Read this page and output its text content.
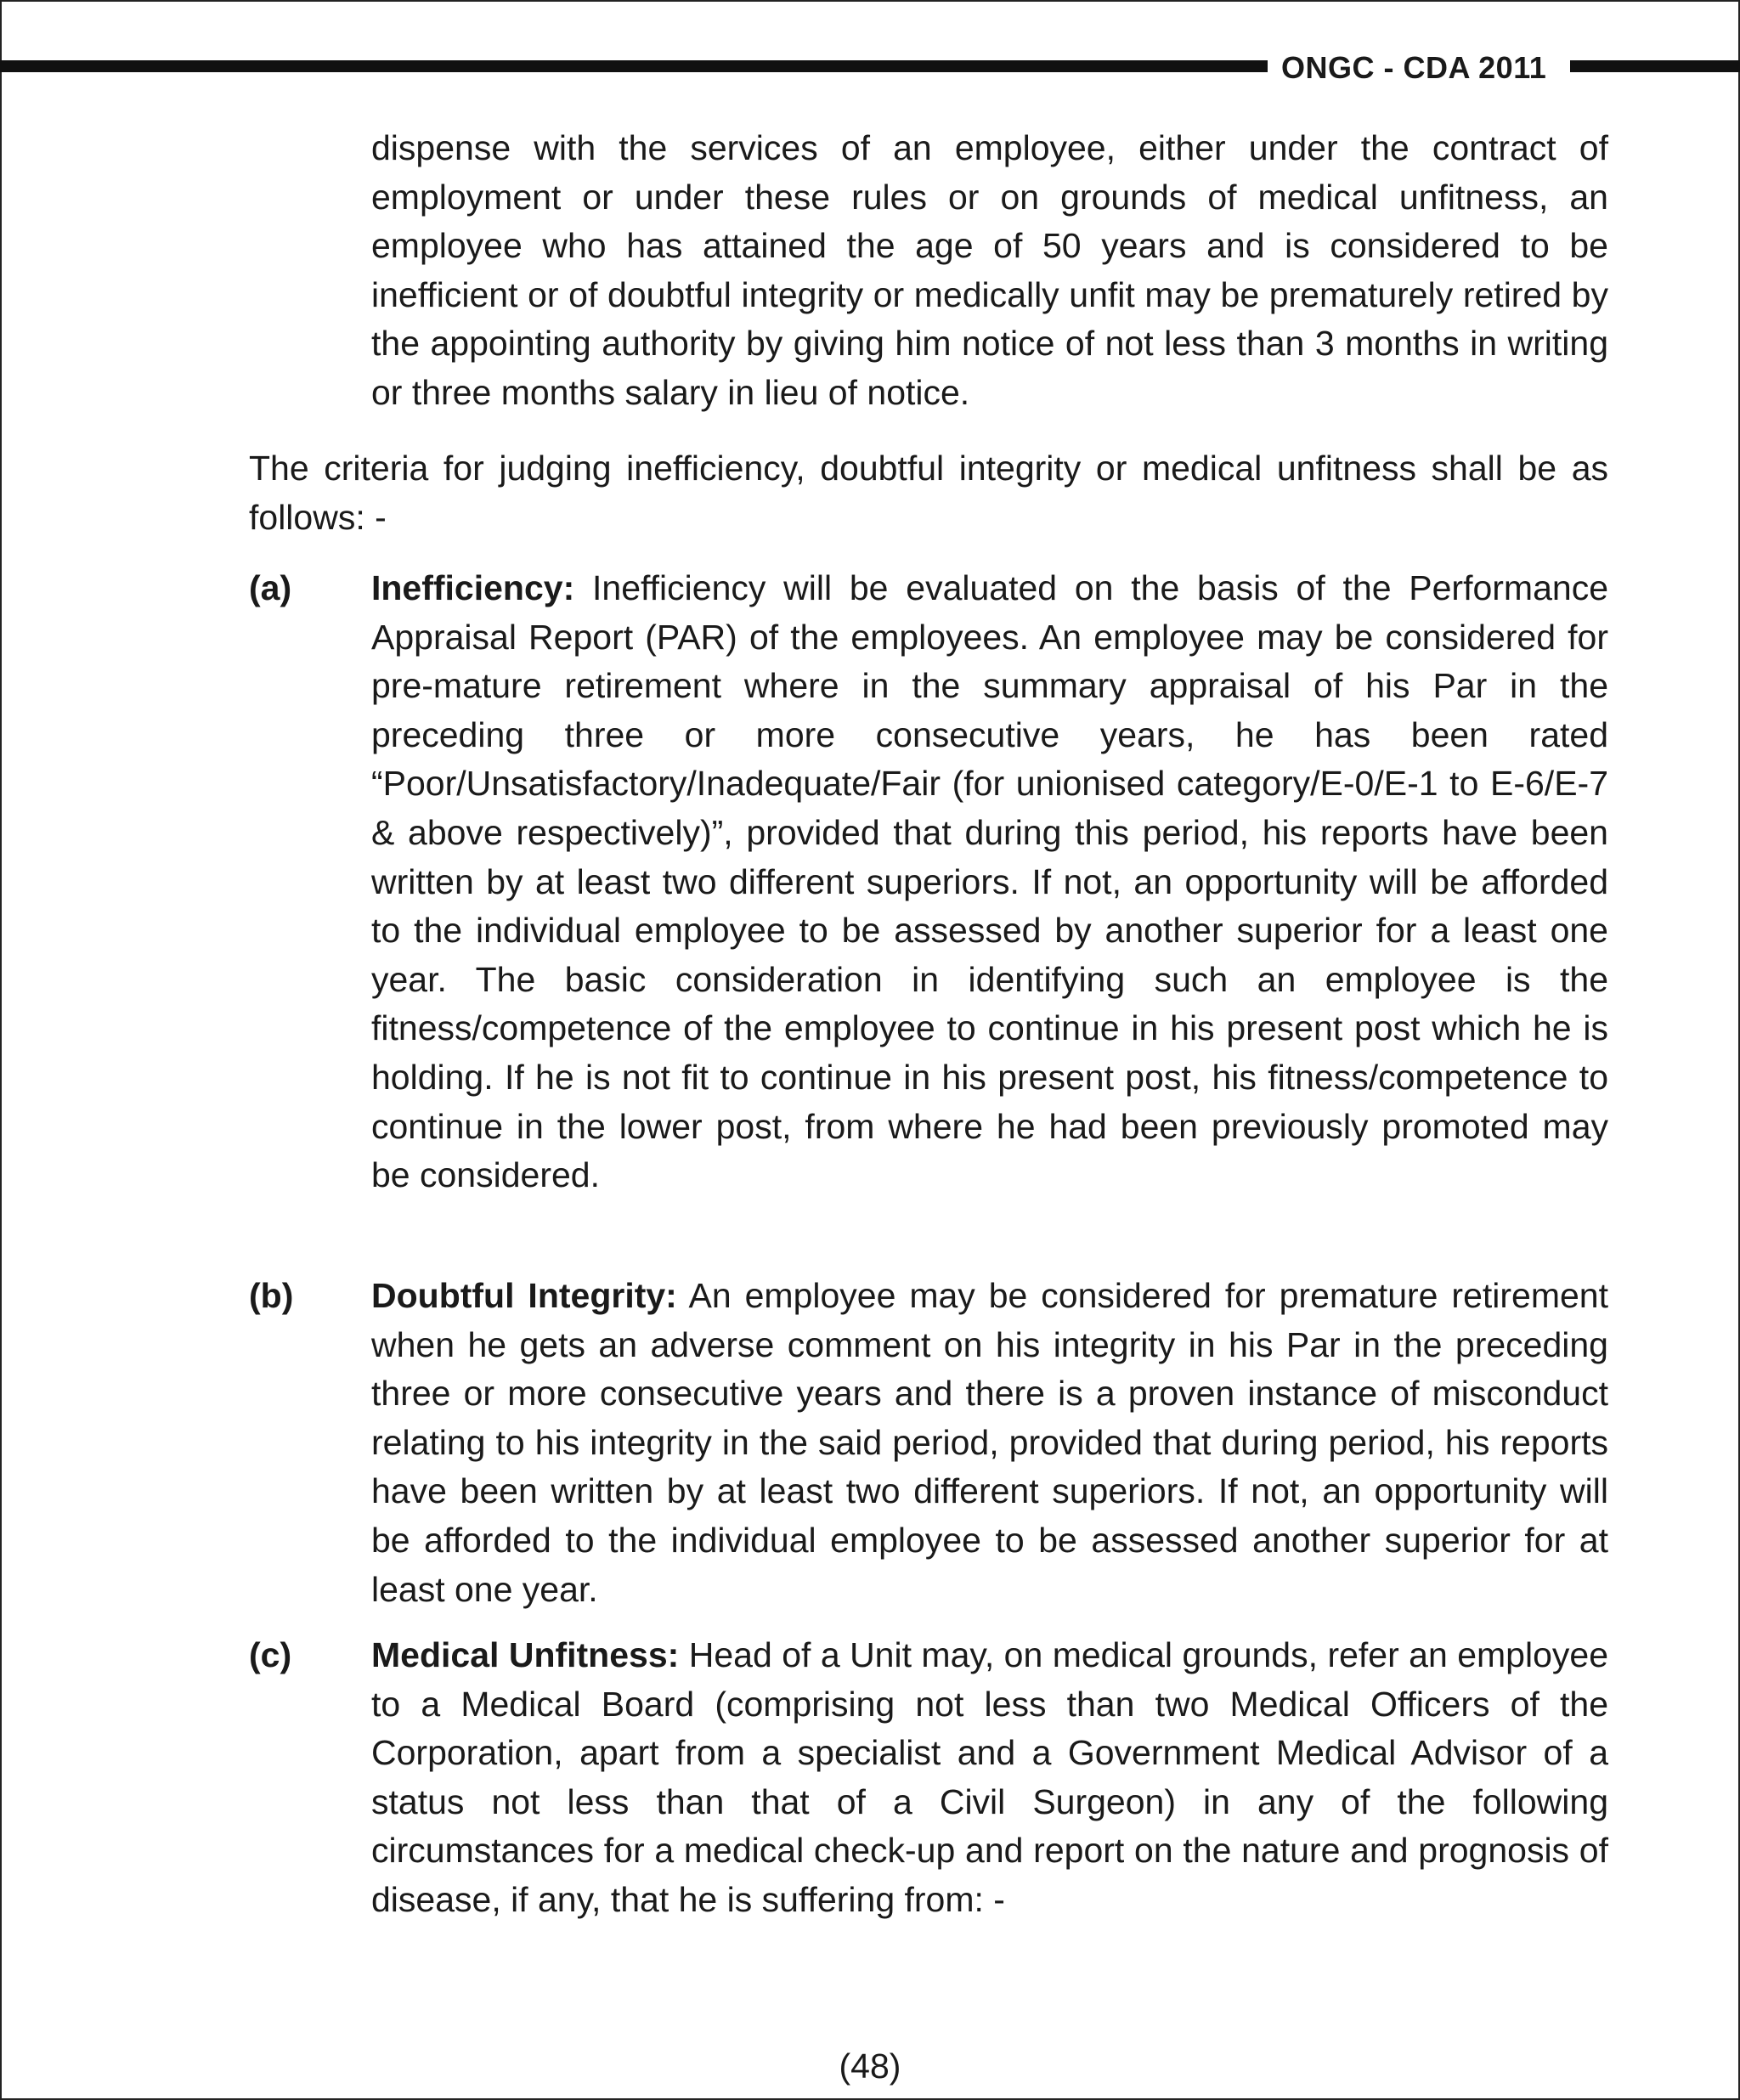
ONGC - CDA 2011
dispense with the services of an employee, either under the contract of employment or under these rules or on grounds of medical unfitness, an employee who has attained the age of 50 years and is considered to be inefficient or of doubtful integrity or medically unfit may be prematurely retired by the appointing authority by giving him notice of not less than 3 months in writing or three months salary in lieu of notice.
The criteria for judging inefficiency, doubtful integrity or medical unfitness shall be as follows: -
(a) Inefficiency: Inefficiency will be evaluated on the basis of the Performance Appraisal Report (PAR) of the employees. An employee may be considered for pre-mature retirement where in the summary appraisal of his Par in the preceding three or more consecutive years, he has been rated “Poor/Unsatisfactory/Inadequate/Fair (for unionised category/E-0/E-1 to E-6/E-7 & above respectively)”, provided that during this period, his reports have been written by at least two different superiors. If not, an opportunity will be afforded to the individual employee to be assessed by another superior for a least one year. The basic consideration in identifying such an employee is the fitness/competence of the employee to continue in his present post which he is holding. If he is not fit to continue in his present post, his fitness/competence to continue in the lower post, from where he had been previously promoted may be considered.
(b) Doubtful Integrity: An employee may be considered for premature retirement when he gets an adverse comment on his integrity in his Par in the preceding three or more consecutive years and there is a proven instance of misconduct relating to his integrity in the said period, provided that during period, his reports have been written by at least two different superiors. If not, an opportunity will be afforded to the individual employee to be assessed another superior for at least one year.
(c) Medical Unfitness: Head of a Unit may, on medical grounds, refer an employee to a Medical Board (comprising not less than two Medical Officers of the Corporation, apart from a specialist and a Government Medical Advisor of a status not less than that of a Civil Surgeon) in any of the following circumstances for a medical check-up and report on the nature and prognosis of disease, if any, that he is suffering from: -
(48)
